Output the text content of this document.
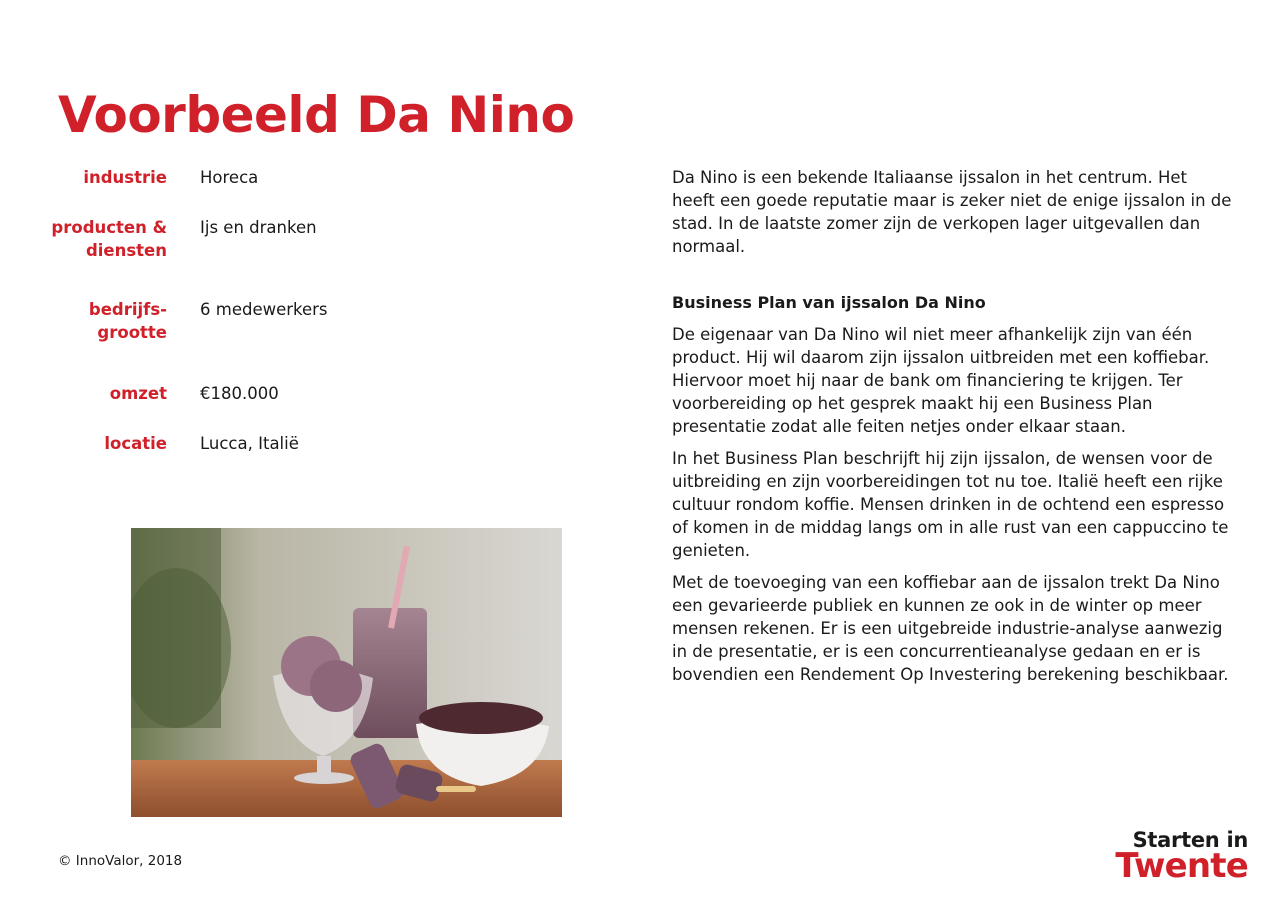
Voorbeeld Da Nino
industrie Horeca
producten &
diensten
Ijs en dranken
bedrijfs-
grootte
6 medewerkers
omzet €180.000
locatie Lucca, Italië

Da Nino is een bekende Italiaanse ijssalon in het centrum. Het heeft een goede reputatie maar is zeker niet de enige ijssalon in de stad. In de laatste zomer zijn de verkopen lager uitgevallen dan normaal.

Business Plan van ijssalon Da Nino

De eigenaar van Da Nino wil niet meer afhankelijk zijn van één product. Hij wil daarom zijn ijssalon uitbreiden met een koffiebar. Hiervoor moet hij naar de bank om financiering te krijgen. Ter voorbereiding op het gesprek maakt hij een Business Plan presentatie zodat alle feiten netjes onder elkaar staan.

In het Business Plan beschrijft hij zijn ijssalon, de wensen voor de uitbreiding en zijn voorbereidingen tot nu toe. Italië heeft een rijke cultuur rondom koffie. Mensen drinken in de ochtend een espresso of komen in de middag langs om in alle rust van een cappuccino te genieten.

Met de toevoeging van een koffiebar aan de ijssalon trekt Da Nino een gevarieerde publiek en kunnen ze ook in de winter op meer mensen rekenen. Er is een uitgebreide industrie-analyse aanwezig in de presentatie, er is een concurrentieanalyse gedaan en er is bovendien een Rendement Op Investering berekening beschikbaar.

© InnoValor, 2018
Starten in
Twente
